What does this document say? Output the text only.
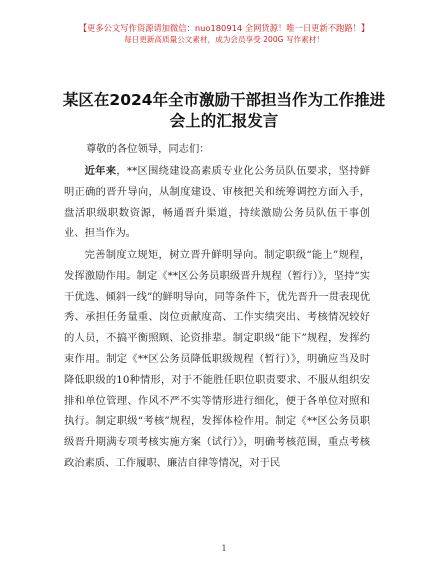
【更多公文写作资源请加微信：nuo180914 全网货源！唯一日更新不跑路！】
每日更新高质量公文素材，成为会员享受 200G 写作素材！
某区在2024年全市激励干部担当作为工作推进
会上的汇报发言
尊敬的各位领导，同志们：

近年来，**区围绕建设高素质专业化公务员队伍要求，坚持鲜明正确的晋升导向，从制度建设、审核把关和统筹调控方面入手，盘活职级职数资源，畅通晋升渠道，持续激励公务员队伍干事创业、担当作为。

完善制度立规矩，树立晋升鲜明导向。制定职级“能上”规程，发挥激励作用。制定《**区公务员职级晋升规程（暂行）》，坚持“实干优选、倾斜一线”的鲜明导向，同等条件下，优先晋升一贯表现优秀、承担任务量重、岗位贡献度高、工作实绩突出、考核情况较好的人员，不搞平衡照顾、论资排辈。制定职级“能下”规程，发挥约束作用。制定《**区公务员降低职级规程（暂行）》，明确应当及时降低职级的10种情形，对于不能胜任职位职责要求、不服从组织安排和单位管理、作风不严不实等情形进行细化，便于各单位对照和执行。制定职级“考核”规程，发挥体检作用。制定《**区公务员职级晋升期满专项考核实施方案（试行）》，明确考核范围，重点考核政治素质、工作履职、廉洁自律等情况，对于民

1
